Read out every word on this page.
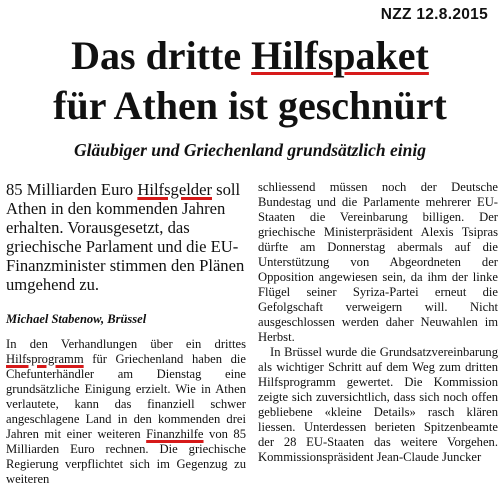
NZZ 12.8.2015
Das dritte Hilfspaket
für Athen ist geschnürt
Gläubiger und Griechenland grundsätzlich einig

85 Milliarden Euro Hilfsgelder soll Athen in den kommenden Jahren erhalten. Vorausgesetzt, das griechische Parlament und die EU-Finanzminister stimmen den Plänen umgehend zu.

Michael Stabenow, Brüssel

In den Verhandlungen über ein drittes Hilfsprogramm für Griechenland haben die Chefunterhändler am Dienstag eine grundsätzliche Einigung erzielt. Wie in Athen verlautete, kann das finanziell schwer angeschlagene Land in den kommenden drei Jahren mit einer weiteren Finanzhilfe von 85 Milliarden Euro rechnen. Die griechische Regierung verpflichtet sich im Gegenzug zu weiteren

schliessend müssen noch der Deutsche Bundestag und die Parlamente mehrerer EU-Staaten die Vereinbarung billigen. Der griechische Ministerpräsident Alexis Tsipras dürfte am Donnerstag abermals auf die Unterstützung von Abgeordneten der Opposition angewiesen sein, da ihm der linke Flügel seiner Syriza-Partei erneut die Gefolgschaft verweigern will. Nicht ausgeschlossen werden daher Neuwahlen im Herbst.

In Brüssel wurde die Grundsatzvereinbarung als wichtiger Schritt auf dem Weg zum dritten Hilfsprogramm gewertet. Die Kommission zeigte sich zuversichtlich, dass sich noch offen gebliebene «kleine Details» rasch klären liessen. Unterdessen berieten Spitzenbeamte der 28 EU-Staaten das weitere Vorgehen. Kommissionspräsident Jean-Claude Juncker
